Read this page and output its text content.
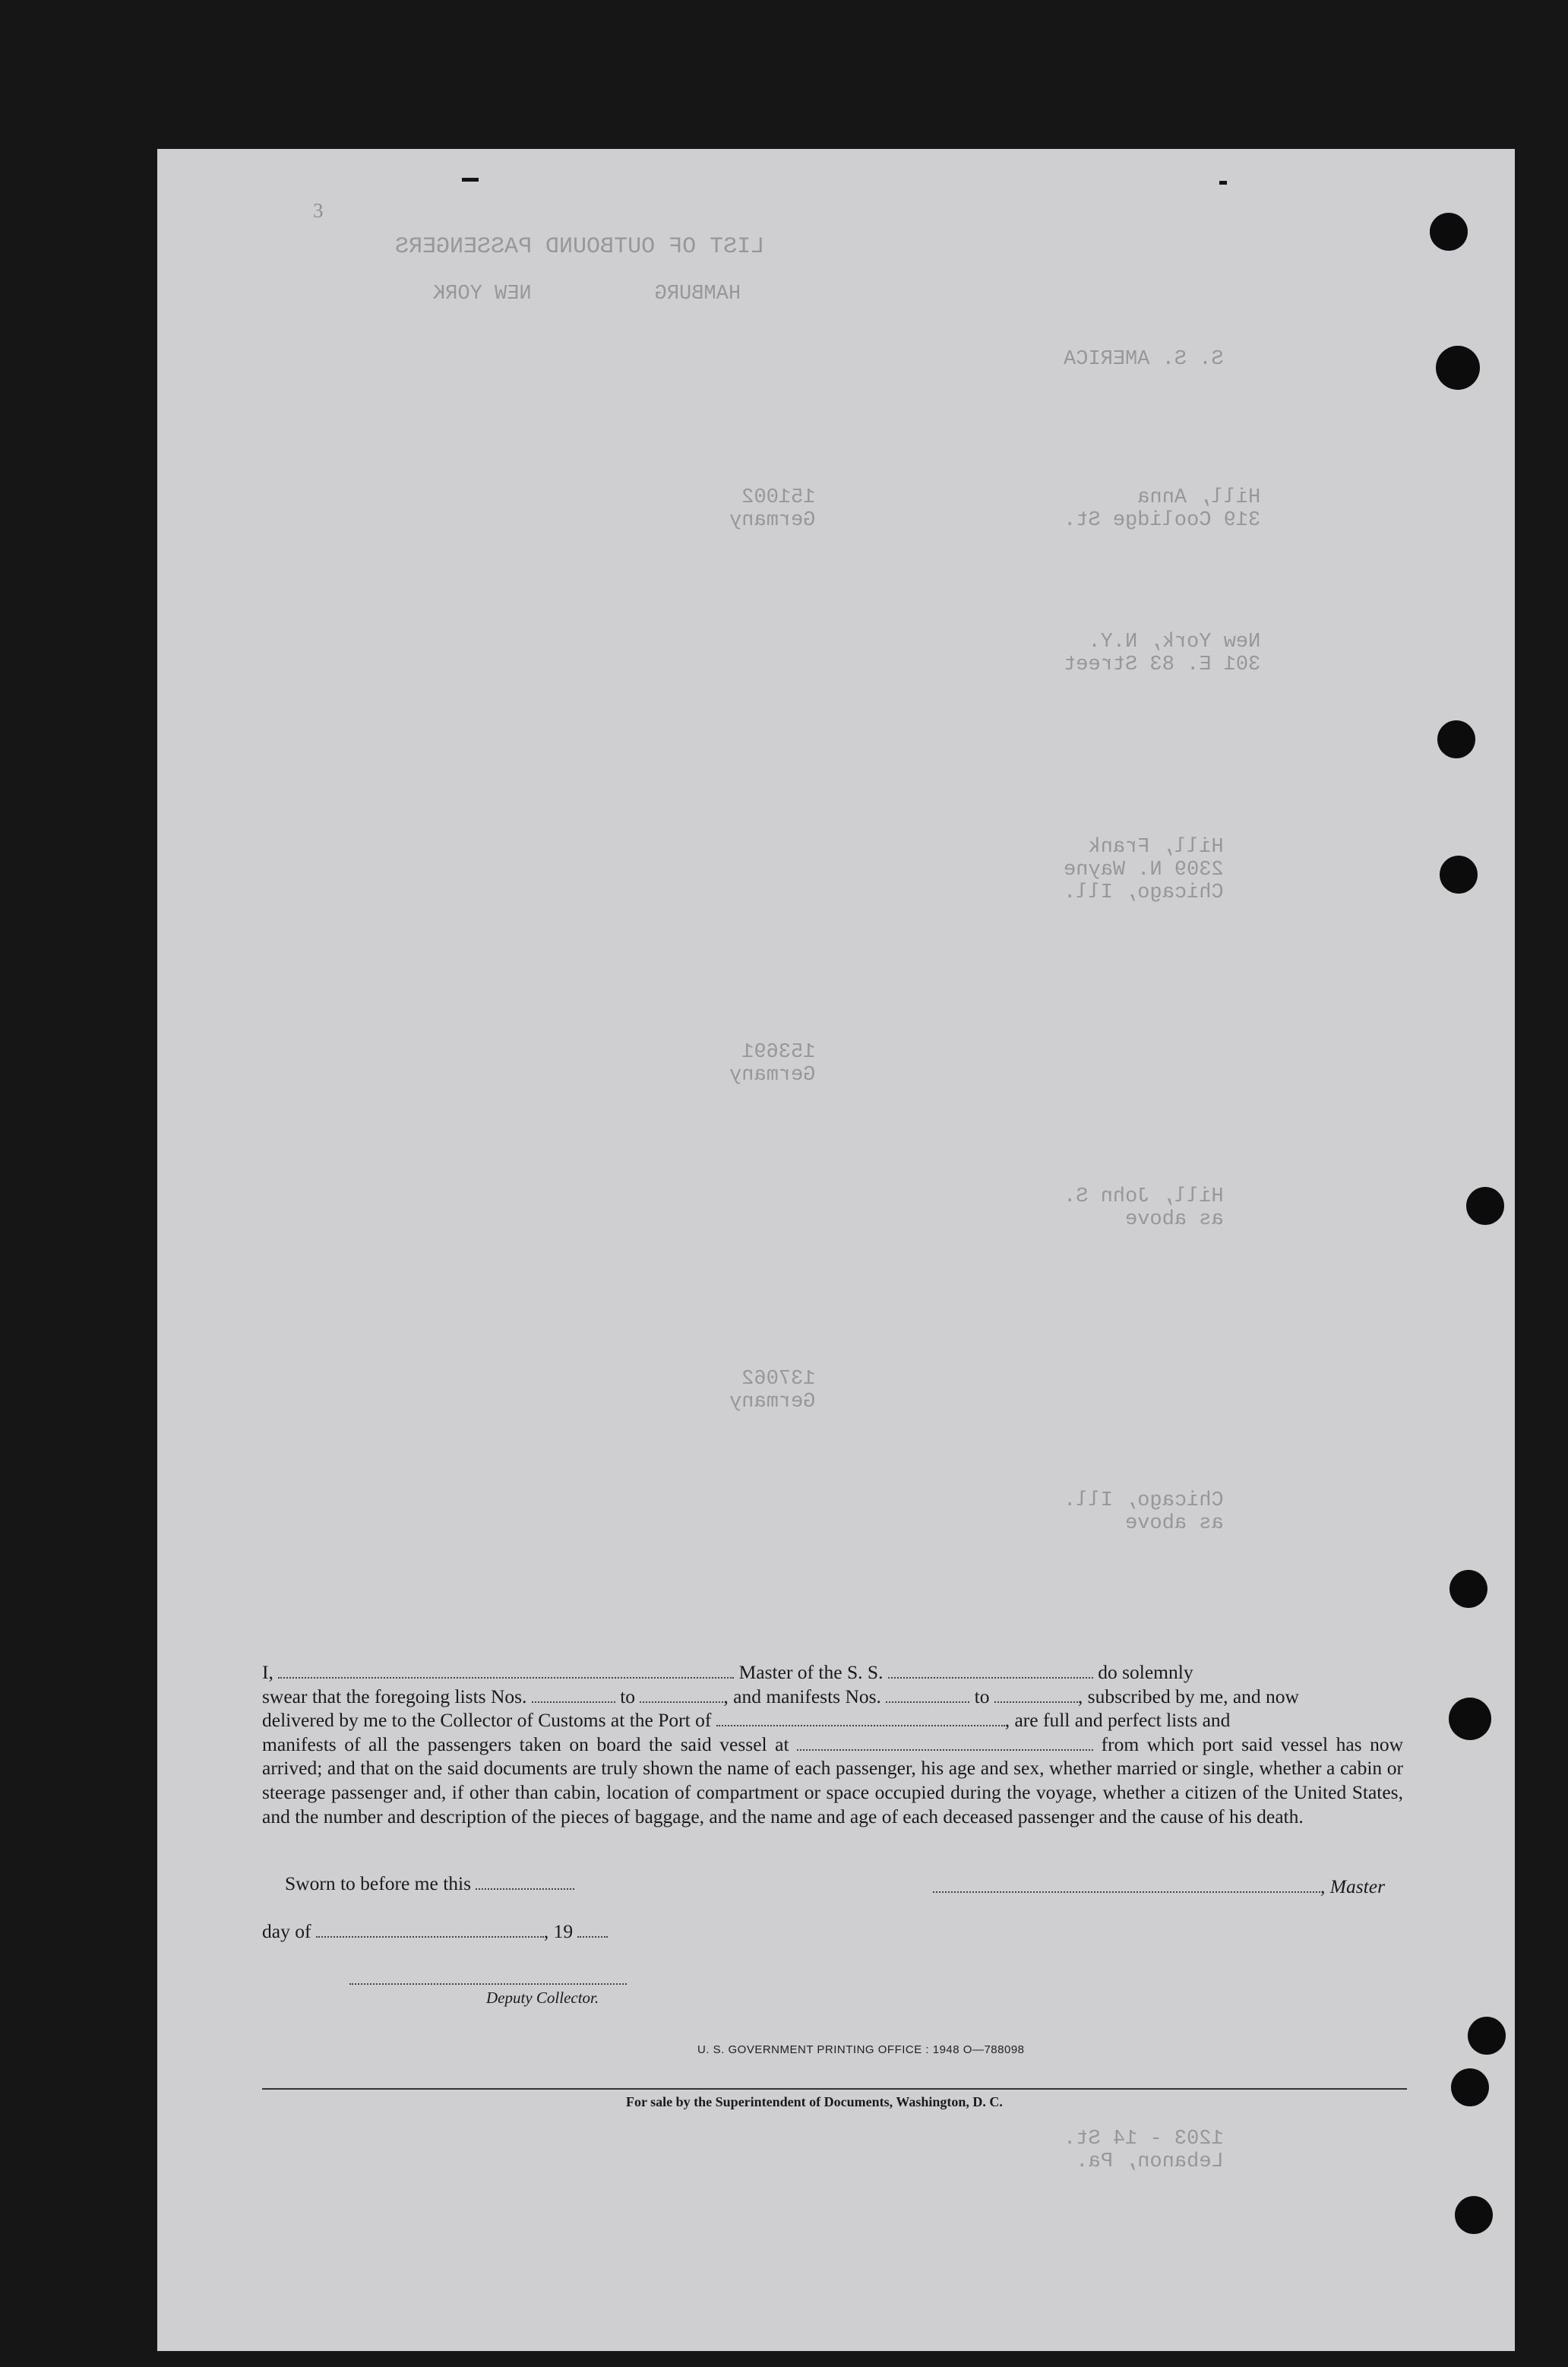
LIST OF OUTBOUND PASSENGERS
HAMBURG          NEW YORK
S. S. AMERICA
Hill, Anna
319 Coolidge St.
151002
Germany
New York, N.Y.
301 E. 83 Street
Hill, Frank
2309 N. Wayne
Chicago, Ill.
153691
Germany
Hill, John S.
as above
137062
Germany
Chicago, Ill.
as above
1203 - 14 St.
Lebanon, Pa.
3
I,	Master of the S. S.	do solemnly
swear that the foregoing lists Nos.	to	, and manifests Nos.	to	, subscribed by me, and now
delivered by me to the Collector of Customs at the Port of	, are full and perfect lists and
manifests of all the passengers taken on board the said vessel at	from which port said vessel has now arrived; and that on the said documents are truly shown the name of each passenger, his age and sex, whether married or single, whether a cabin or steerage passenger and, if other than cabin, location of compartment or space occupied during the voyage, whether a citizen of the United States, and the number and description of the pieces of baggage, and the name and age of each deceased passenger and the cause of his death.
Sworn to before me this
day of	, 19
, Master
Deputy Collector.
U. S. GOVERNMENT PRINTING OFFICE : 1948 O—788098
For sale by the Superintendent of Documents, Washington, D. C.
